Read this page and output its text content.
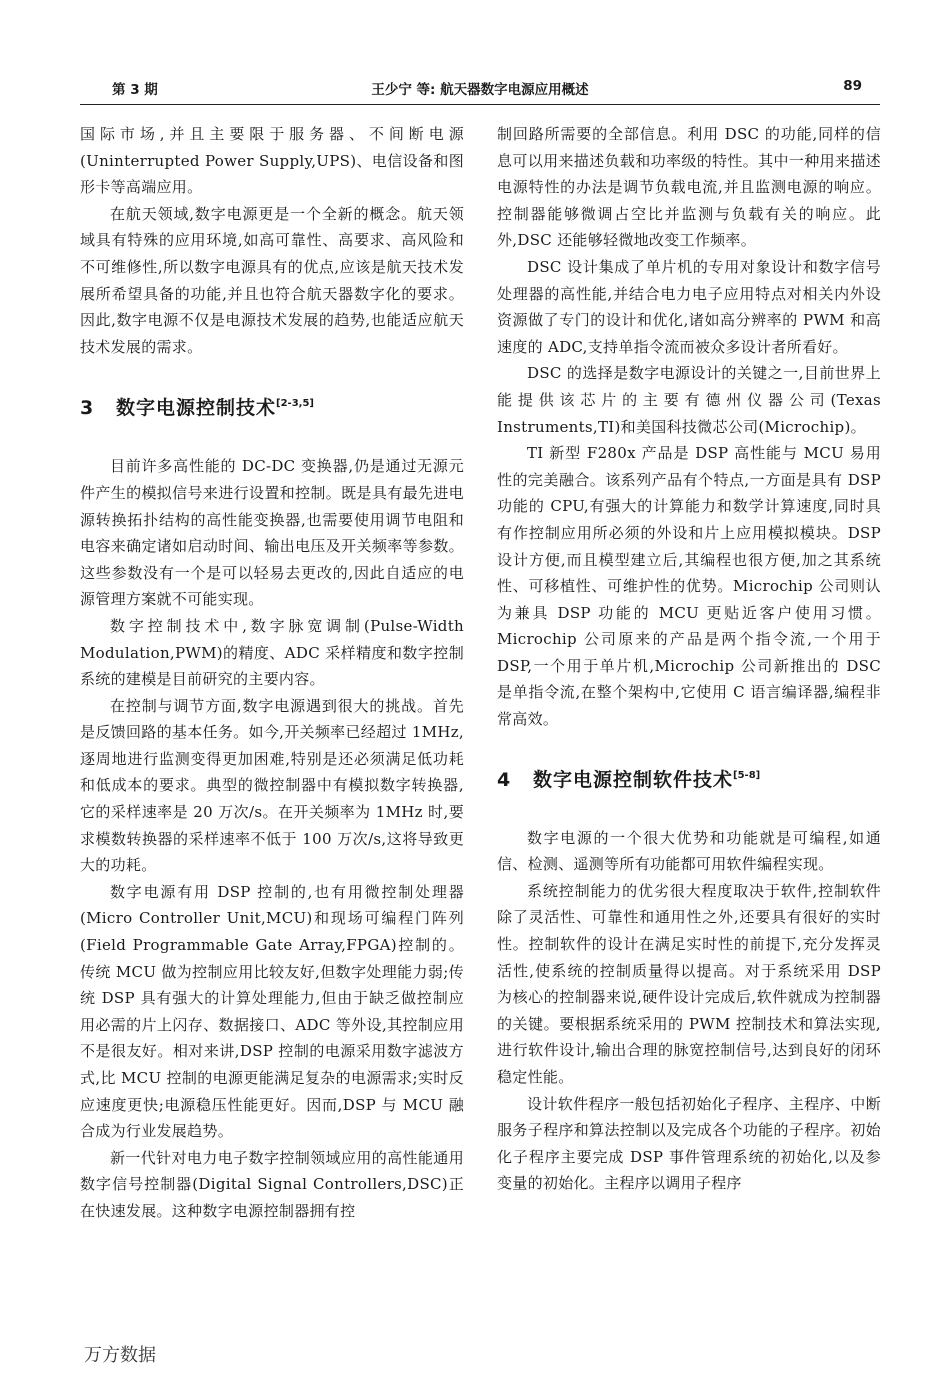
第 3 期	王少宁 等: 航天器数字电源应用概述	89

国际市场,并且主要限于服务器、不间断电源(Uninterrupted Power Supply,UPS)、电信设备和图形卡等高端应用。

在航天领域,数字电源更是一个全新的概念。航天领域具有特殊的应用环境,如高可靠性、高要求、高风险和不可维修性,所以数字电源具有的优点,应该是航天技术发展所希望具备的功能,并且也符合航天器数字化的要求。因此,数字电源不仅是电源技术发展的趋势,也能适应航天技术发展的需求。

3 数字电源控制技术[2-3,5]

目前许多高性能的 DC-DC 变换器,仍是通过无源元件产生的模拟信号来进行设置和控制。既是具有最先进电源转换拓扑结构的高性能变换器,也需要使用调节电阻和电容来确定诸如启动时间、输出电压及开关频率等参数。这些参数没有一个是可以轻易去更改的,因此自适应的电源管理方案就不可能实现。

数字控制技术中,数字脉宽调制(Pulse-Width Modulation,PWM)的精度、ADC 采样精度和数字控制系统的建模是目前研究的主要内容。

在控制与调节方面,数字电源遇到很大的挑战。首先是反馈回路的基本任务。如今,开关频率已经超过 1MHz,逐周地进行监测变得更加困难,特别是还必须满足低功耗和低成本的要求。典型的微控制器中有模拟数字转换器,它的采样速率是 20 万次/s。在开关频率为 1MHz 时,要求模数转换器的采样速率不低于 100 万次/s,这将导致更大的功耗。

数字电源有用 DSP 控制的,也有用微控制处理器(Micro Controller Unit,MCU)和现场可编程门阵列(Field Programmable Gate Array,FPGA)控制的。传统 MCU 做为控制应用比较友好,但数字处理能力弱;传统 DSP 具有强大的计算处理能力,但由于缺乏做控制应用必需的片上闪存、数据接口、ADC 等外设,其控制应用不是很友好。相对来讲,DSP 控制的电源采用数字滤波方式,比 MCU 控制的电源更能满足复杂的电源需求;实时反应速度更快;电源稳压性能更好。因而,DSP 与 MCU 融合成为行业发展趋势。

新一代针对电力电子数字控制领域应用的高性能通用数字信号控制器(Digital Signal Controllers,DSC)正在快速发展。这种数字电源控制器拥有控

制回路所需要的全部信息。利用 DSC 的功能,同样的信息可以用来描述负载和功率级的特性。其中一种用来描述电源特性的办法是调节负载电流,并且监测电源的响应。控制器能够微调占空比并监测与负载有关的响应。此外,DSC 还能够轻微地改变工作频率。

DSC 设计集成了单片机的专用对象设计和数字信号处理器的高性能,并结合电力电子应用特点对相关内外设资源做了专门的设计和优化,诸如高分辨率的 PWM 和高速度的 ADC,支持单指令流而被众多设计者所看好。

DSC 的选择是数字电源设计的关键之一,目前世界上能提供该芯片的主要有德州仪器公司(Texas Instruments,TI)和美国科技微芯公司(Microchip)。

TI 新型 F280x 产品是 DSP 高性能与 MCU 易用性的完美融合。该系列产品有个特点,一方面是具有 DSP 功能的 CPU,有强大的计算能力和数学计算速度,同时具有作控制应用所必须的外设和片上应用模拟模块。DSP 设计方便,而且模型建立后,其编程也很方便,加之其系统性、可移植性、可维护性的优势。Microchip 公司则认为兼具 DSP 功能的 MCU 更贴近客户使用习惯。Microchip 公司原来的产品是两个指令流,一个用于 DSP,一个用于单片机,Microchip 公司新推出的 DSC 是单指令流,在整个架构中,它使用 C 语言编译器,编程非常高效。

4 数字电源控制软件技术[5-8]

数字电源的一个很大优势和功能就是可编程,如通信、检测、遥测等所有功能都可用软件编程实现。

系统控制能力的优劣很大程度取决于软件,控制软件除了灵活性、可靠性和通用性之外,还要具有很好的实时性。控制软件的设计在满足实时性的前提下,充分发挥灵活性,使系统的控制质量得以提高。对于系统采用 DSP 为核心的控制器来说,硬件设计完成后,软件就成为控制器的关键。要根据系统采用的 PWM 控制技术和算法实现,进行软件设计,输出合理的脉宽控制信号,达到良好的闭环稳定性能。

设计软件程序一般包括初始化子程序、主程序、中断服务子程序和算法控制以及完成各个功能的子程序。初始化子程序主要完成 DSP 事件管理系统的初始化,以及参变量的初始化。主程序以调用子程序

万方数据
